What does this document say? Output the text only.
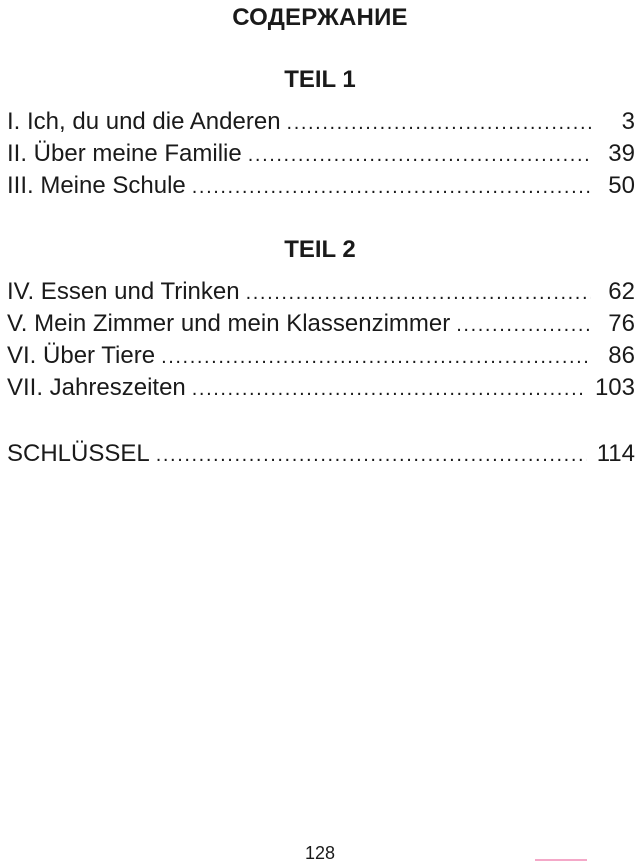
СОДЕРЖАНИЕ
TEIL 1
I. Ich, du und die Anderen .....	3
II. Über meine Familie .....	39
III. Meine Schule .....	50
TEIL 2
IV. Essen und Trinken .....	62
V. Mein Zimmer und mein Klassenzimmer .....	76
VI. Über Tiere .....	86
VII. Jahreszeiten .....	103
SCHLÜSSEL .....	114
128
